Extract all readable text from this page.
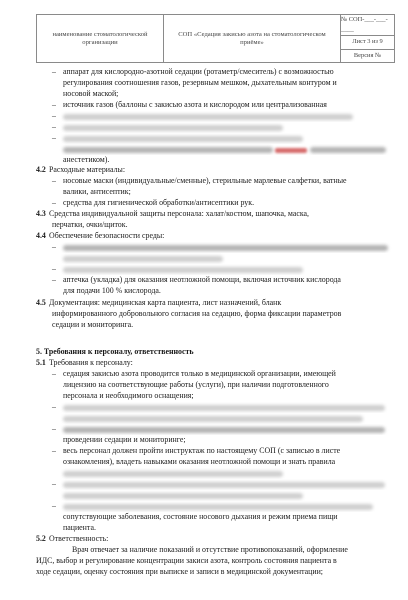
наименование стоматологической организации
СОП «Седация закисью азота на стоматологическом приёме»
№ СОП-___-___-____
Лист 3 из 9
Версия №
– аппарат для кислородно-азотной седации (ротаметр/смеситель) с возможностью
регулирования соотношения газов, резервным мешком, дыхательным контуром и
носовой маской;
– источник газов (баллоны с закисью азота и кислородом или централизованная
анестетиком).
4.2 Расходные материалы:
– носовые маски (индивидуальные/сменные), стерильные марлевые салфетки, ватные
валики, антисептик;
– средства для гигиенической обработки/антисептики рук.
4.3 Средства индивидуальной защиты персонала: халат/костюм, шапочка, маска,
перчатки, очки/щиток.
4.4 Обеспечение безопасности среды:
– аптечка (укладка) для оказания неотложной помощи, включая источник кислорода
для подачи 100 % кислорода.
4.5 Документация: медицинская карта пациента, лист назначений, бланк
информированного добровольного согласия на седацию, форма фиксации параметров
седации и мониторинга.
5. Требования к персоналу, ответственность
5.1 Требования к персоналу:
– седация закисью азота проводится только в медицинской организации, имеющей
лицензию на соответствующие работы (услуги), при наличии подготовленного
персонала и необходимого оснащения;
проведении седации и мониторинге;
– весь персонал должен пройти инструктаж по настоящему СОП (с записью в листе
ознакомления), владеть навыками оказания неотложной помощи и знать правила
сопутствующие заболевания, состояние носового дыхания и режим приема пищи
пациента.
5.2 Ответственность:
Врач отвечает за наличие показаний и отсутствие противопоказаний, оформление
ИДС, выбор и регулирование концентрации закиси азота, контроль состояния пациента в
ходе седации, оценку состояния при выписке и записи в медицинской документации;
–
–
–
–
–
–
–
–
–
